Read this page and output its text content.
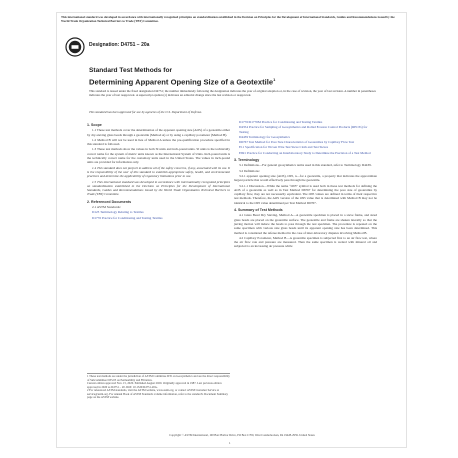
This international standard was developed in accordance with internationally recognized principles on standardization established in the Decision on Principles for the Development of International Standards, Guides and Recommendations issued by the World Trade Organization Technical Barriers to Trade (TBT) Committee.
Designation: D4751 − 20a
Standard Test Methods for
Determining Apparent Opening Size of a Geotextile$^1$
This standard is issued under the fixed designation D4751; the number immediately following the designation indicates the year of original adoption or, in the case of revision, the year of last revision. A number in parentheses indicates the year of last reapproval. A superscript epsilon (ε) indicates an editorial change since the last revision or reapproval.
This standard has been approved for use by agencies of the U.S. Department of Defense.
1. Scope
1.1 These test methods cover the determination of the apparent opening size (AOS) of a geotextile either by dry-sieving glass beads through a geotextile (Method A) or by using a capillary porometer (Method B).
1.2 Method B will not be used in lieu of Method A unless the pre-qualification procedure specified in this standard is followed.
1.3 These test methods show the values in both SI units and inch-pound units. SI units is the technically correct name for the system of metric units known as the International System of Units. Inch-pound units is the technically correct name for the customary units used in the United States. The values in inch-pound units are provided for information only.
1.4 This standard does not purport to address all of the safety concerns, if any, associated with its use. It is the responsibility of the user of this standard to establish appropriate safety, health, and environmental practices and determine the applicability of regulatory limitations prior to use.
1.5 This international standard was developed in accordance with internationally recognized principles on standardization established in the Decision on Principles for the Development of International Standards, Guides and Recommendations issued by the World Trade Organization Technical Barriers to Trade (TBT) Committee.
2. Referenced Documents
2.1 ASTM Standards:
D123 Terminology Relating to Textiles
D1776 Practice for Conditioning and Testing Textiles
1 These test methods are under the jurisdiction of ASTM Committee D35 on Geosynthetics and are the direct responsibility of Subcommittee D35.03 on Permeability and Filtration.
Current edition approved Nov. 15, 2020. Published August 2020. Originally approved in 1987. Last previous edition approved in 2020 as D4751 – 20. DOI: 10.1520/D4751-20A.
2 For referenced ASTM standards, visit the ASTM website, www.astm.org, or contact ASTM Customer Service at service@astm.org. For Annual Book of ASTM Standards volume information, refer to the standard's Document Summary page on the ASTM website.
D1776/D1776M Practice for Conditioning and Testing Textiles
D4354 Practice for Sampling of Geosynthetics and Rolled Erosion Control Products (RECPs) for Testing
D4439 Terminology for Geosynthetics
D6767 Test Method for Pore Size Characteristics of Geotextiles by Capillary Flow Test
E11 Specification for Woven Wire Test Sieve Cloth and Test Sieves
E691 Practice for Conducting an Interlaboratory Study to Determine the Precision of a Test Method
3. Terminology
3.1 Definitions—For general geosynthetics terms used in this standard, refer to Terminology D4439.
3.2 Definitions:
3.2.1 apparent opening size (AOS), O95, n—for a geotextile, a property that indicates the approximate largest particle that would effectively pass through the geotextile.
3.2.1.1 Discussion—While the name “O95” symbol is used both in these test methods for defining the AOS of a geotextile as well as in Test Method D6767 for determining the pore size of geotextiles by capillary flow, they are not necessarily equivalent. The O95 values are defined in terms of their respective test methods. Therefore, the AOS version of the O95 value that is determined with Method B may not be identical to the O95 value determined per Test Method D6767.
4. Summary of Test Methods
4.1 Glass Bead Dry Sieving, Method A—A geotextile specimen is placed in a sieve frame, and sized glass beads are placed on the geotextile surface. The geotextile and frame are shaken laterally so that the jarring motion will induce the beads to pass through the test specimen. The procedure is repeated on the same specimen with various size glass beads until its apparent opening size has been determined. This method is considered the referee method in the case of inter-laboratory disputes involving Method B.
4.2 Capillary Porometer, Method B—A geotextile specimen is subjected first to an air flow test, where the air flow rate and pressure are measured. Then the same specimen is wetted with mineral oil and subjected to an increasing air pressure while
Copyright © ASTM International, 100 Barr Harbor Drive, PO Box C700, West Conshohocken, PA 19428-2959. United States
1
